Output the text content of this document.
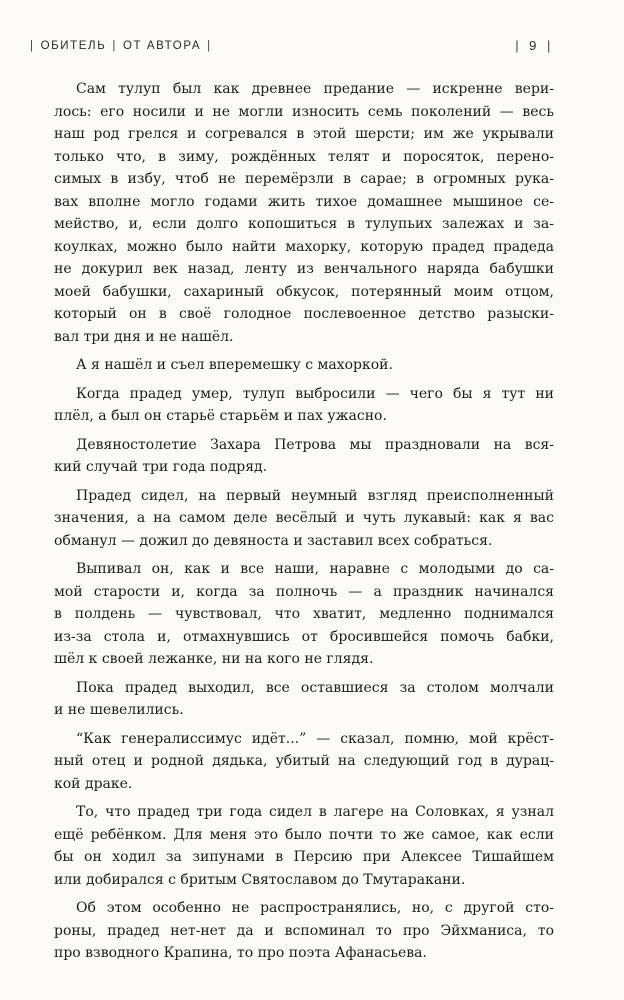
| ОБИТЕЛЬ | ОТ АВТОРА |	| 9 |

Сам тулуп был как древнее предание — искренне вери-
лось: его носили и не могли износить семь поколений — весь
наш род грелся и согревался в этой шерсти; им же укрывали
только что, в зиму, рождённых телят и поросяток, перено-
симых в избу, чтоб не перемёрзли в сарае; в огромных рука-
вах вполне могло годами жить тихое домашнее мышиное се-
мейство, и, если долго копошиться в тулупьих залежах и за-
коулках, можно было найти махорку, которую прадед прадеда
не докурил век назад, ленту из венчального наряда бабушки
моей бабушки, сахариный обкусок, потерянный моим отцом,
который он в своё голодное послевоенное детство разыски-
вал три дня и не нашёл.

А я нашёл и съел вперемешку с махоркой.

Когда прадед умер, тулуп выбросили — чего бы я тут ни
плёл, а был он старьё старьём и пах ужасно.

Девяностолетие Захара Петрова мы праздновали на вся-
кий случай три года подряд.

Прадед сидел, на первый неумный взгляд преисполненный
значения, а на самом деле весёлый и чуть лукавый: как я вас
обманул — дожил до девяноста и заставил всех собраться.

Выпивал он, как и все наши, наравне с молодыми до са-
мой старости и, когда за полночь — а праздник начинался
в полдень — чувствовал, что хватит, медленно поднимался
из-за стола и, отмахнувшись от бросившейся помочь бабки,
шёл к своей лежанке, ни на кого не глядя.

Пока прадед выходил, все оставшиеся за столом молчали
и не шевелились.

“Как генералиссимус идёт...” — сказал, помню, мой крёст-
ный отец и родной дядька, убитый на следующий год в дурац-
кой драке.

То, что прадед три года сидел в лагере на Соловках, я узнал
ещё ребёнком. Для меня это было почти то же самое, как если
бы он ходил за зипунами в Персию при Алексее Тишайшем
или добирался с бритым Святославом до Тмутаракани.

Об этом особенно не распространялись, но, с другой сто-
роны, прадед нет-нет да и вспоминал то про Эйхманиса, то
про взводного Крапина, то про поэта Афанасьева.
